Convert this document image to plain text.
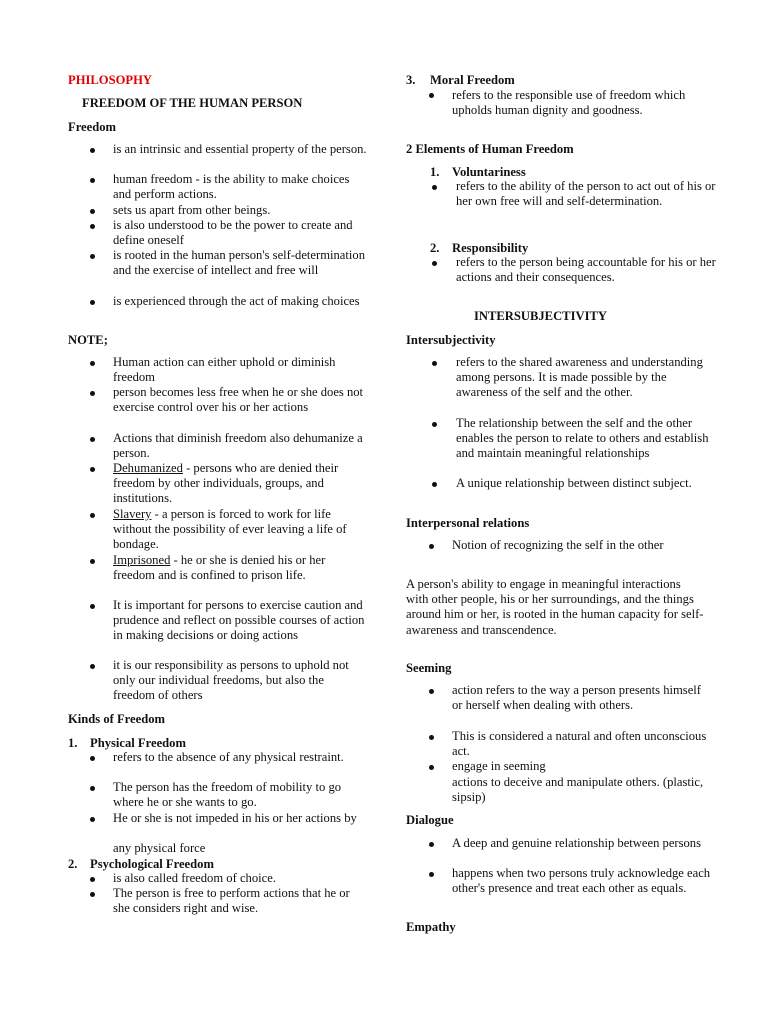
PHILOSOPHY
FREEDOM OF THE HUMAN PERSON
Freedom
is an intrinsic and essential property of the person.
human freedom - is the ability to make choices and perform actions.
sets us apart from other beings.
is also understood to be the power to create and define oneself
is rooted in the human person's self-determination and the exercise of intellect and free will
is experienced through the act of making choices
NOTE;
Human action can either uphold or diminish freedom
person becomes less free when he or she does not exercise control over his or her actions
Actions that diminish freedom also dehumanize a person.
Dehumanized - persons who are denied their freedom by other individuals, groups, and institutions.
Slavery - a person is forced to work for life without the possibility of ever leaving a life of bondage.
Imprisoned - he or she is denied his or her freedom and is confined to prison life.
It is important for persons to exercise caution and prudence and reflect on possible courses of action in making decisions or doing actions
it is our responsibility as persons to uphold not only our individual freedoms, but also the freedom of others
Kinds of Freedom
1. Physical Freedom
refers to the absence of any physical restraint.
The person has the freedom of mobility to go where he or she wants to go.
He or she is not impeded in his or her actions by
any physical force
2. Psychological Freedom
is also called freedom of choice.
The person is free to perform actions that he or she considers right and wise.
3. Moral Freedom
refers to the responsible use of freedom which upholds human dignity and goodness.
2 Elements of Human Freedom
1. Voluntariness
refers to the ability of the person to act out of his or her own free will and self-determination.
2. Responsibility
refers to the person being accountable for his or her actions and their consequences.
INTERSUBJECTIVITY
Intersubjectivity
refers to the shared awareness and understanding among persons. It is made possible by the awareness of the self and the other.
The relationship between the self and the other enables the person to relate to others and establish and maintain meaningful relationships
A unique relationship between distinct subject.
Interpersonal relations
Notion of recognizing the self in the other
A person's ability to engage in meaningful interactions with other people, his or her surroundings, and the things around him or her, is rooted in the human capacity for self-awareness and transcendence.
Seeming
action refers to the way a person presents himself or herself when dealing with others.
This is considered a natural and often unconscious act.
engage in seeming
actions to deceive and manipulate others. (plastic, sipsip)
Dialogue
A deep and genuine relationship between persons
happens when two persons truly acknowledge each other's presence and treat each other as equals.
Empathy
